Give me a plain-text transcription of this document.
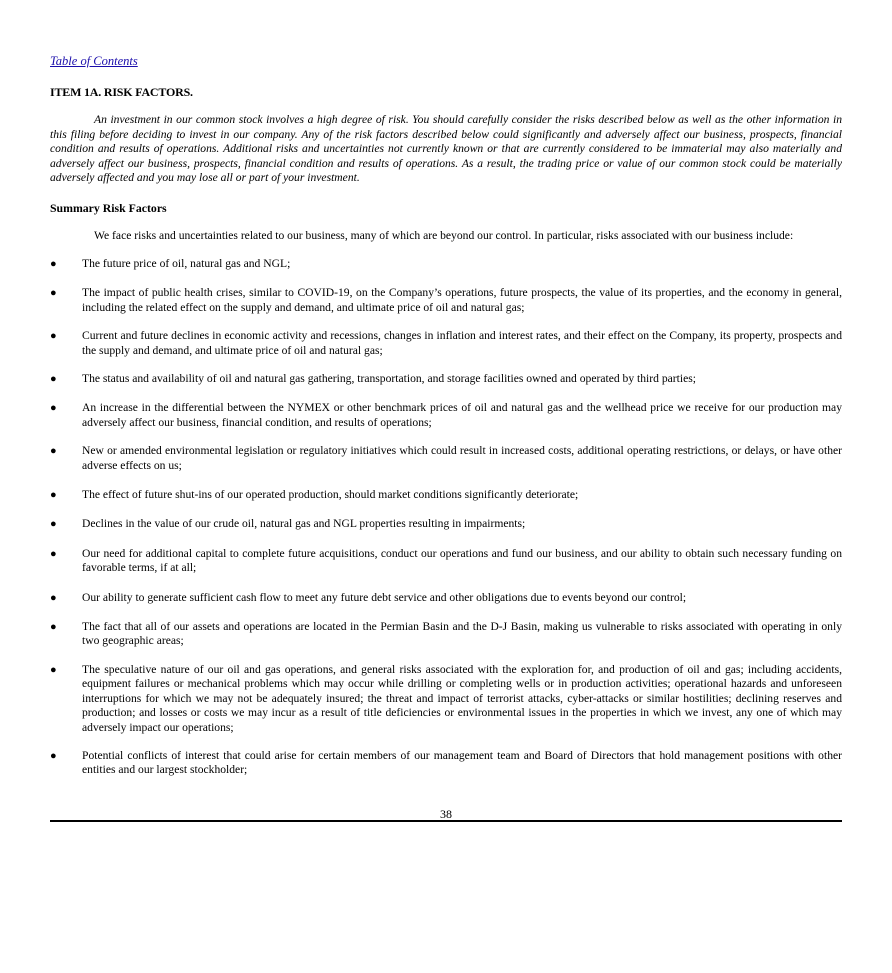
Table of Contents
ITEM 1A. RISK FACTORS.
An investment in our common stock involves a high degree of risk. You should carefully consider the risks described below as well as the other information in this filing before deciding to invest in our company. Any of the risk factors described below could significantly and adversely affect our business, prospects, financial condition and results of operations. Additional risks and uncertainties not currently known or that are currently considered to be immaterial may also materially and adversely affect our business, prospects, financial condition and results of operations. As a result, the trading price or value of our common stock could be materially adversely affected and you may lose all or part of your investment.
Summary Risk Factors
We face risks and uncertainties related to our business, many of which are beyond our control. In particular, risks associated with our business include:
● The future price of oil, natural gas and NGL;
● The impact of public health crises, similar to COVID-19, on the Company’s operations, future prospects, the value of its properties, and the economy in general, including the related effect on the supply and demand, and ultimate price of oil and natural gas;
● Current and future declines in economic activity and recessions, changes in inflation and interest rates, and their effect on the Company, its property, prospects and the supply and demand, and ultimate price of oil and natural gas;
● The status and availability of oil and natural gas gathering, transportation, and storage facilities owned and operated by third parties;
● An increase in the differential between the NYMEX or other benchmark prices of oil and natural gas and the wellhead price we receive for our production may adversely affect our business, financial condition, and results of operations;
● New or amended environmental legislation or regulatory initiatives which could result in increased costs, additional operating restrictions, or delays, or have other adverse effects on us;
● The effect of future shut-ins of our operated production, should market conditions significantly deteriorate;
● Declines in the value of our crude oil, natural gas and NGL properties resulting in impairments;
● Our need for additional capital to complete future acquisitions, conduct our operations and fund our business, and our ability to obtain such necessary funding on favorable terms, if at all;
● Our ability to generate sufficient cash flow to meet any future debt service and other obligations due to events beyond our control;
● The fact that all of our assets and operations are located in the Permian Basin and the D-J Basin, making us vulnerable to risks associated with operating in only two geographic areas;
● The speculative nature of our oil and gas operations, and general risks associated with the exploration for, and production of oil and gas; including accidents, equipment failures or mechanical problems which may occur while drilling or completing wells or in production activities; operational hazards and unforeseen interruptions for which we may not be adequately insured; the threat and impact of terrorist attacks, cyber-attacks or similar hostilities; declining reserves and production; and losses or costs we may incur as a result of title deficiencies or environmental issues in the properties in which we invest, any one of which may adversely impact our operations;
● Potential conflicts of interest that could arise for certain members of our management team and Board of Directors that hold management positions with other entities and our largest stockholder;
38
